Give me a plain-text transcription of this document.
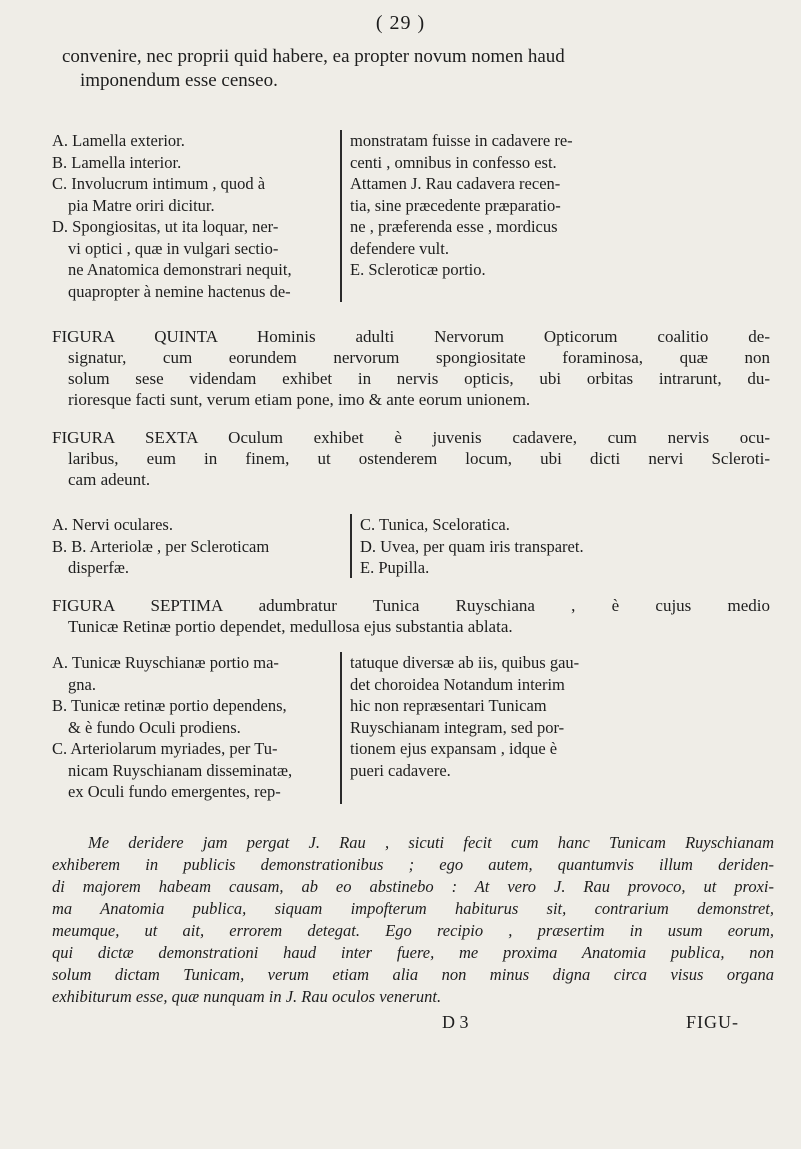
( 29 )
convenire, nec proprii quid habere, ea propter novum nomen haud
imponendum esse censeo.
A. Lamella exterior.
B. Lamella interior.
C. Involucrum intimum , quod à
pia Matre oriri dicitur.
D. Spongiositas, ut ita loquar, ner-
vi optici , quæ in vulgari sectio-
ne Anatomica demonstrari nequit,
quapropter à nemine hactenus de-
monstratam fuisse in cadavere re-
centi , omnibus in confesso est.
Attamen J. Rau cadavera recen-
tia, sine præcedente præparatio-
ne , præferenda esse , mordicus
defendere vult.
E. Scleroticæ portio.
FIGURA QUINTA Hominis adulti Nervorum Opticorum coalitio de-
signatur, cum eorundem nervorum spongiositate foraminosa, quæ non
solum sese videndam exhibet in nervis opticis, ubi orbitas intrarunt, du-
rioresque facti sunt, verum etiam pone, imo & ante eorum unionem.
FIGURA SEXTA Oculum exhibet è juvenis cadavere, cum nervis ocu-
laribus, eum in finem, ut ostenderem locum, ubi dicti nervi Scleroti-
cam adeunt.
A. Nervi oculares.
B. B. Arteriolæ , per Scleroticam
disperfæ.
C. Tunica, Sceloratica.
D. Uvea, per quam iris transparet.
E. Pupilla.
FIGURA SEPTIMA adumbratur Tunica Ruyschiana , è cujus medio
Tunicæ Retinæ portio dependet, medullosa ejus substantia ablata.
A. Tunicæ Ruyschianæ portio ma-
gna.
B. Tunicæ retinæ portio dependens,
& è fundo Oculi prodiens.
C. Arteriolarum myriades, per Tu-
nicam Ruyschianam disseminatæ,
ex Oculi fundo emergentes, rep-
tatuque diversæ ab iis, quibus gau-
det choroidea Notandum interim
hic non repræsentari Tunicam
Ruyschianam integram, sed por-
tionem ejus expansam , idque è
pueri cadavere.
Me deridere jam pergat J. Rau , sicuti fecit cum hanc Tunicam Ruyschianam
exhiberem in publicis demonstrationibus ; ego autem, quantumvis illum deriden-
di majorem habeam causam, ab eo abstinebo : At vero J. Rau provoco, ut proxi-
ma Anatomia publica, siquam impofterum habiturus sit, contrarium demonstret,
meumque, ut ait, errorem detegat. Ego recipio , præsertim in usum eorum,
qui dictæ demonstrationi haud inter fuere, me proxima Anatomia publica, non
solum dictam Tunicam, verum etiam alia non minus digna circa visus organa
exhibiturum esse, quæ nunquam in J. Rau oculos venerunt.
D 3	FIGU-
